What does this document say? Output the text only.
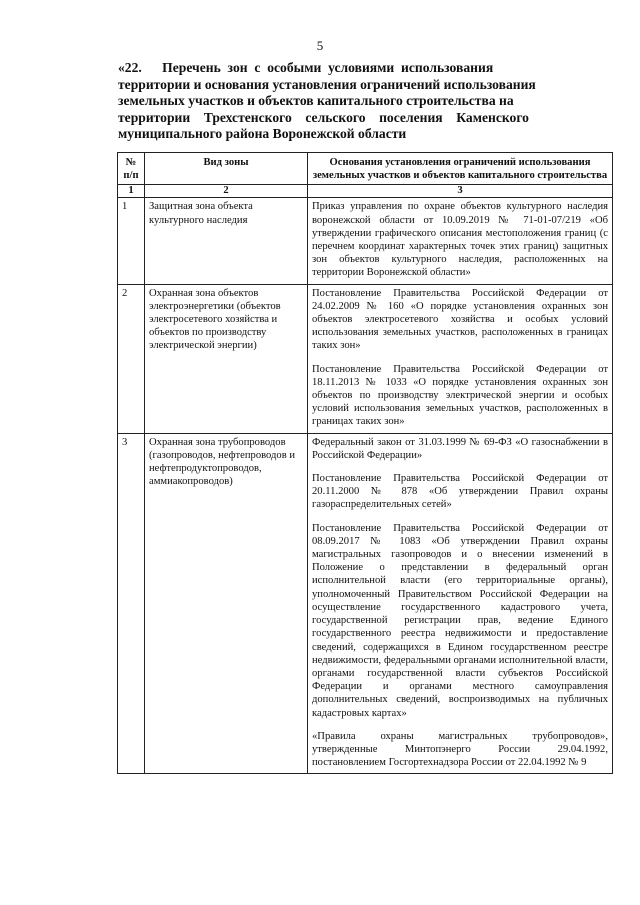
5
«22.      Перечень  зон  с  особыми  условиями  использования
территории и основания установления ограничений использования
земельных участков и объектов капитального строительства на
территории    Трехстенского    сельского    поселения    Каменского
муниципального района Воронежской области
№ п/п	Вид зоны	Основания установления ограничений использования земельных участков и объектов капитального строительства
1	2	3
1	Защитная зона объекта культурного наследия	Приказ управления по охране объектов культурного наследия воронежской области от 10.09.2019 № 71-01-07/219 «Об утверждении графического описания местоположения границ (с перечнем координат характерных точек этих границ) защитных зон объектов культурного наследия, расположенных на территории Воронежской области»

2	Охранная зона объектов электроэнергетики (объектов электросетевого хозяйства и объектов по производству электрической энергии)	Постановление Правительства Российской Федерации от 24.02.2009 № 160 «О порядке установления охранных зон объектов электросетевого хозяйства и особых условий использования земельных участков, расположенных в границах таких зон»

Постановление Правительства Российской Федерации от 18.11.2013 № 1033 «О порядке установления охранных зон объектов по производству электрической энергии и особых условий использования земельных участков, расположенных в границах таких зон»

3	Охранная зона трубопроводов (газопроводов, нефтепроводов и нефтепродуктопроводов, аммиакопроводов)	Федеральный закон от 31.03.1999 № 69-ФЗ «О газоснабжении в Российской Федерации»

Постановление Правительства Российской Федерации от 20.11.2000 № 878 «Об утверждении Правил охраны газораспределительных сетей»

Постановление Правительства Российской Федерации от 08.09.2017 № 1083 «Об утверждении Правил охраны магистральных газопроводов и о внесении изменений в Положение о представлении в федеральный орган исполнительной власти (его территориальные органы), уполномоченный Правительством Российской Федерации на осуществление государственного кадастрового учета, государственной регистрации прав, ведение Единого государственного реестра недвижимости и предоставление сведений, содержащихся в Едином государственном реестре недвижимости, федеральными органами исполнительной власти, органами государственной власти субъектов Российской Федерации и органами местного самоуправления дополнительных сведений, воспроизводимых на публичных кадастровых картах»

«Правила охраны магистральных трубопроводов», утвержденные Минтопэнерго России 29.04.1992, постановлением Госгортехнадзора России от 22.04.1992 № 9
